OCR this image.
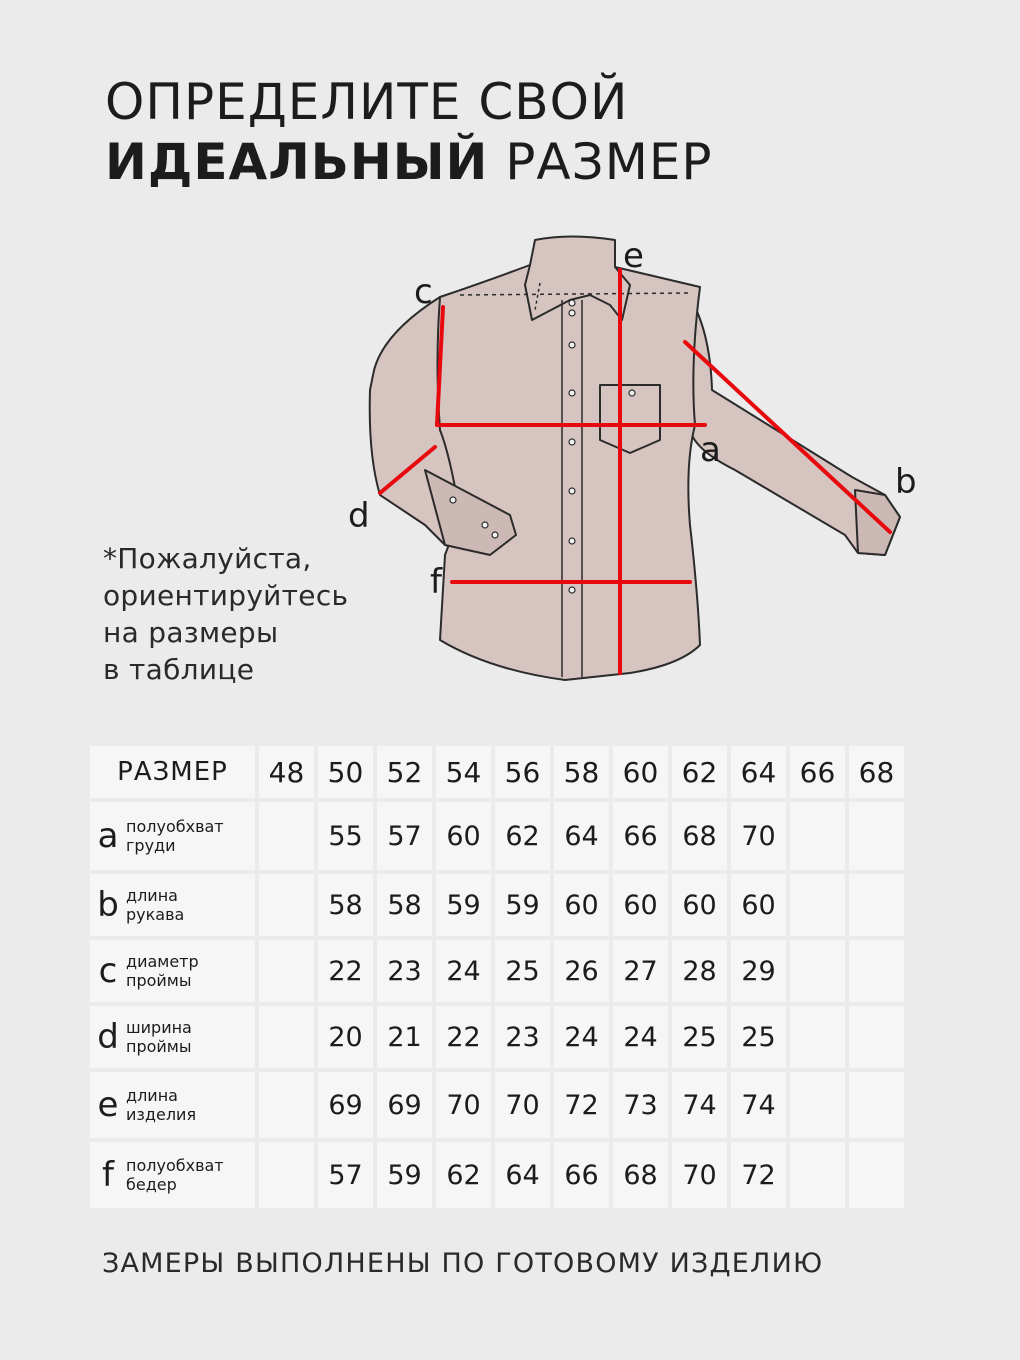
ОПРЕДЕЛИТЕ СВОЙ
ИДЕАЛЬНЫЙ РАЗМЕР
*Пожалуйста,
ориентируйтесь
на размеры
в таблице
a
b
c
d
e
f
РАЗМЕР	48	50	52	54	56	58	60	62	64	66	68

a полуобхват
груди		55	57	60	62	64	66	68	70		

b длина
рукава		58	58	59	59	60	60	60	60		

c диаметр
проймы		22	23	24	25	26	27	28	29		

d ширина
проймы		20	21	22	23	24	24	25	25		

e длина
изделия		69	69	70	70	72	73	74	74		

f полуобхват
бедер		57	59	62	64	66	68	70	72		
ЗАМЕРЫ ВЫПОЛНЕНЫ ПО ГОТОВОМУ ИЗДЕЛИЮ
